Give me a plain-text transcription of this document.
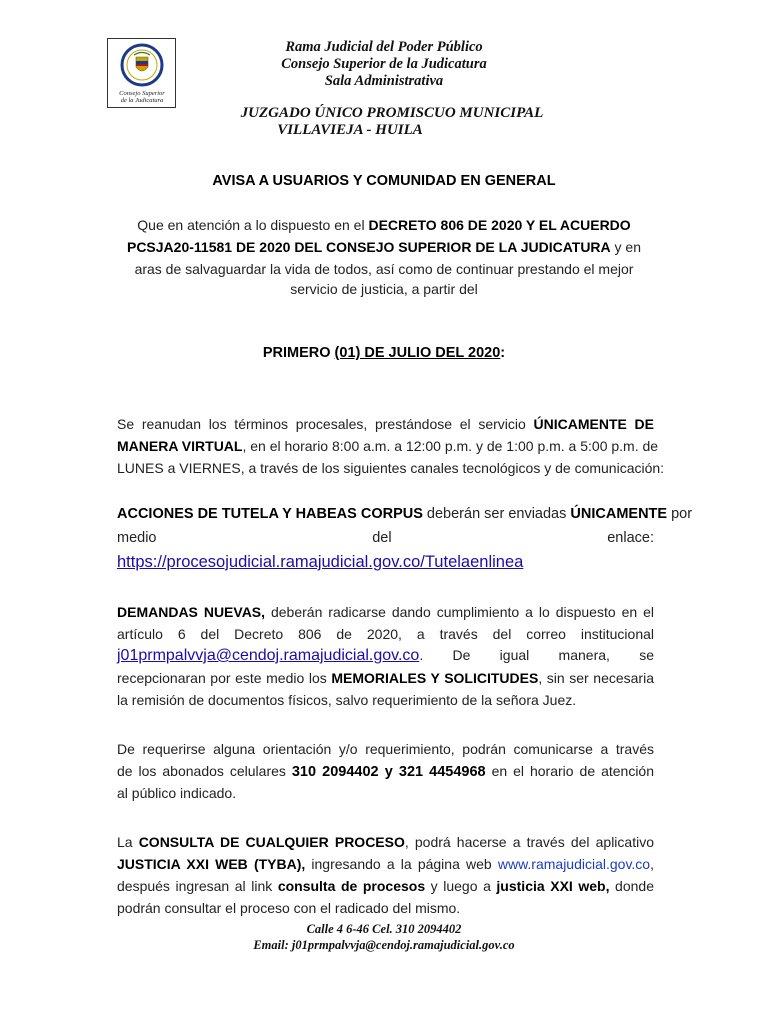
Consejo Superior
de la Judicatura
Rama Judicial del Poder Público
Consejo Superior de la Judicatura
Sala Administrativa
JUZGADO ÚNICO PROMISCUO MUNICIPAL
VILLAVIEJA - HUILA
AVISA A USUARIOS Y COMUNIDAD EN GENERAL
Que en atención a lo dispuesto en el DECRETO 806 DE 2020 Y EL ACUERDO
PCSJA20-11581 DE 2020 DEL CONSEJO SUPERIOR DE LA JUDICATURA y en
aras de salvaguardar la vida de todos, así como de continuar prestando el mejor
servicio de justicia, a partir del
PRIMERO (01) DE JULIO DEL 2020:
Se reanudan los términos procesales, prestándose el servicio ÚNICAMENTE DE
MANERA VIRTUAL, en el horario 8:00 a.m. a 12:00 p.m. y de 1:00 p.m. a 5:00 p.m. de
LUNES a VIERNES, a través de los siguientes canales tecnológicos y de comunicación:
ACCIONES DE TUTELA Y HABEAS CORPUS deberán ser enviadas ÚNICAMENTE por
medio	del	enlace:
https://procesojudicial.ramajudicial.gov.co/Tutelaenlinea
DEMANDAS NUEVAS, deberán radicarse dando cumplimiento a lo dispuesto en el
artículo 6 del Decreto 806 de 2020, a través del correo institucional
j01prmpalvvja@cendoj.ramajudicial.gov.co. De igual manera, se
recepcionaran por este medio los MEMORIALES Y SOLICITUDES, sin ser necesaria
la remisión de documentos físicos, salvo requerimiento de la señora Juez.
De requerirse alguna orientación y/o requerimiento, podrán comunicarse a través
de los abonados celulares 310 2094402 y 321 4454968 en el horario de atención
al público indicado.
La CONSULTA DE CUALQUIER PROCESO, podrá hacerse a través del aplicativo
JUSTICIA XXI WEB (TYBA), ingresando a la página web www.ramajudicial.gov.co,
después ingresan al link consulta de procesos y luego a justicia XXI web, donde
podrán consultar el proceso con el radicado del mismo.
Calle 4 6-46 Cel. 310 2094402
Email: j01prmpalvvja@cendoj.ramajudicial.gov.co
